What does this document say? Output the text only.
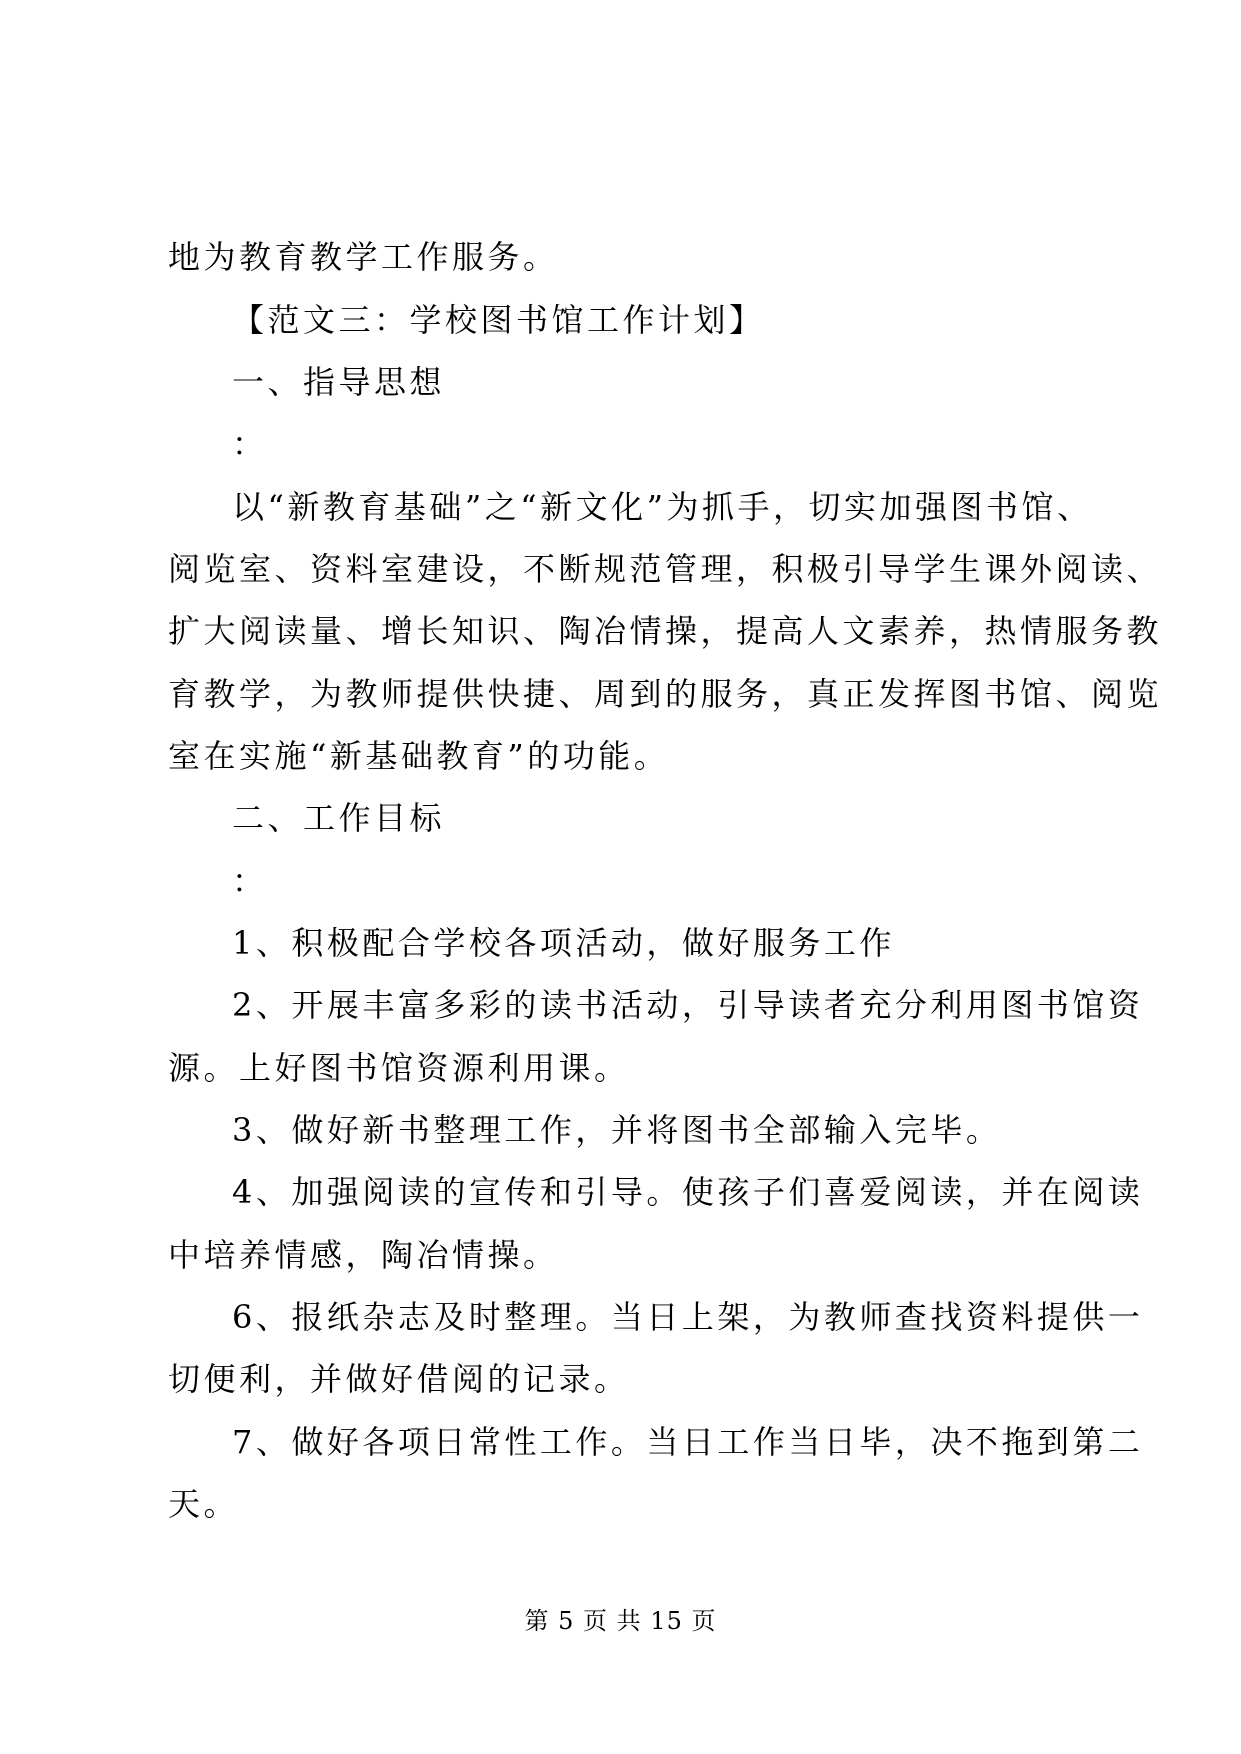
地为教育教学工作服务。
【范文三：学校图书馆工作计划】
一、指导思想
：
以“新教育基础”之“新文化”为抓手，切实加强图书馆、
阅览室、资料室建设，不断规范管理，积极引导学生课外阅读、
扩大阅读量、增长知识、陶冶情操，提高人文素养，热情服务教
育教学，为教师提供快捷、周到的服务，真正发挥图书馆、阅览
室在实施“新基础教育”的功能。
二、工作目标
：
1、积极配合学校各项活动，做好服务工作
2、开展丰富多彩的读书活动，引导读者充分利用图书馆资
源。上好图书馆资源利用课。
3、做好新书整理工作，并将图书全部输入完毕。
4、加强阅读的宣传和引导。使孩子们喜爱阅读，并在阅读
中培养情感，陶冶情操。
6、报纸杂志及时整理。当日上架，为教师查找资料提供一
切便利，并做好借阅的记录。
7、做好各项日常性工作。当日工作当日毕，决不拖到第二
天。
第 5 页 共 15 页
